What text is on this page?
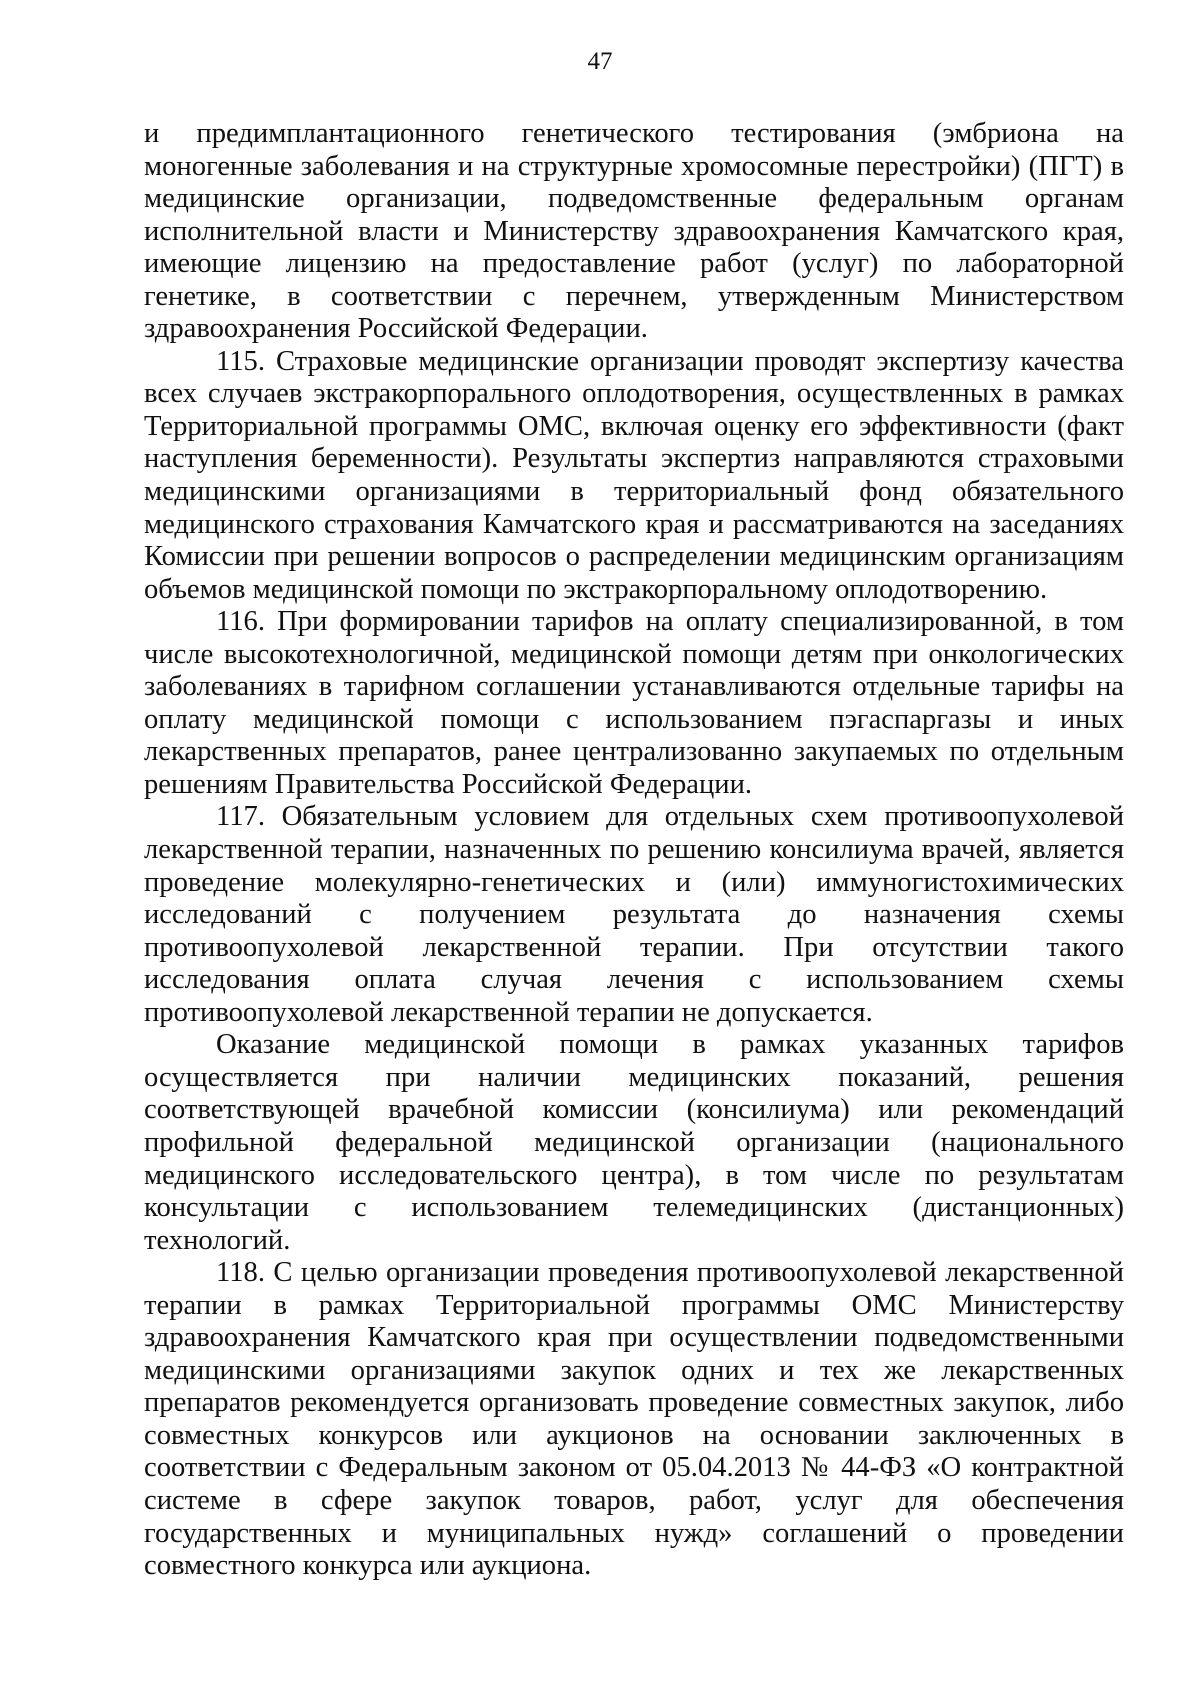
47

и предимплантационного генетического тестирования (эмбриона на моногенные заболевания и на структурные хромосомные перестройки) (ПГТ) в медицинские организации, подведомственные федеральным органам исполнительной власти и Министерству здравоохранения Камчатского края, имеющие лицензию на предоставление работ (услуг) по лабораторной генетике, в соответствии с перечнем, утвержденным Министерством здравоохранения Российской Федерации.

115. Страховые медицинские организации проводят экспертизу качества всех случаев экстракорпорального оплодотворения, осуществленных в рамках Территориальной программы ОМС, включая оценку его эффективности (факт наступления беременности). Результаты экспертиз направляются страховыми медицинскими организациями в территориальный фонд обязательного медицинского страхования Камчатского края и рассматриваются на заседаниях Комиссии при решении вопросов о распределении медицинским организациям объемов медицинской помощи по экстракорпоральному оплодотворению.

116. При формировании тарифов на оплату специализированной, в том числе высокотехнологичной, медицинской помощи детям при онкологических заболеваниях в тарифном соглашении устанавливаются отдельные тарифы на оплату медицинской помощи с использованием пэгаспаргазы и иных лекарственных препаратов, ранее централизованно закупаемых по отдельным решениям Правительства Российской Федерации.

117. Обязательным условием для отдельных схем противоопухолевой лекарственной терапии, назначенных по решению консилиума врачей, является проведение молекулярно-генетических и (или) иммуногистохимических исследований с получением результата до назначения схемы противоопухолевой лекарственной терапии. При отсутствии такого исследования оплата случая лечения с использованием схемы противоопухолевой лекарственной терапии не допускается.

Оказание медицинской помощи в рамках указанных тарифов осуществляется при наличии медицинских показаний, решения соответствующей врачебной комиссии (консилиума) или рекомендаций профильной федеральной медицинской организации (национального медицинского исследовательского центра), в том числе по результатам консультации с использованием телемедицинских (дистанционных) технологий.

118. С целью организации проведения противоопухолевой лекарственной терапии в рамках Территориальной программы ОМС Министерству здравоохранения Камчатского края при осуществлении подведомственными медицинскими организациями закупок одних и тех же лекарственных препаратов рекомендуется организовать проведение совместных закупок, либо совместных конкурсов или аукционов на основании заключенных в соответствии с Федеральным законом от 05.04.2013 № 44-ФЗ «О контрактной системе в сфере закупок товаров, работ, услуг для обеспечения государственных и муниципальных нужд» соглашений о проведении совместного конкурса или аукциона.
